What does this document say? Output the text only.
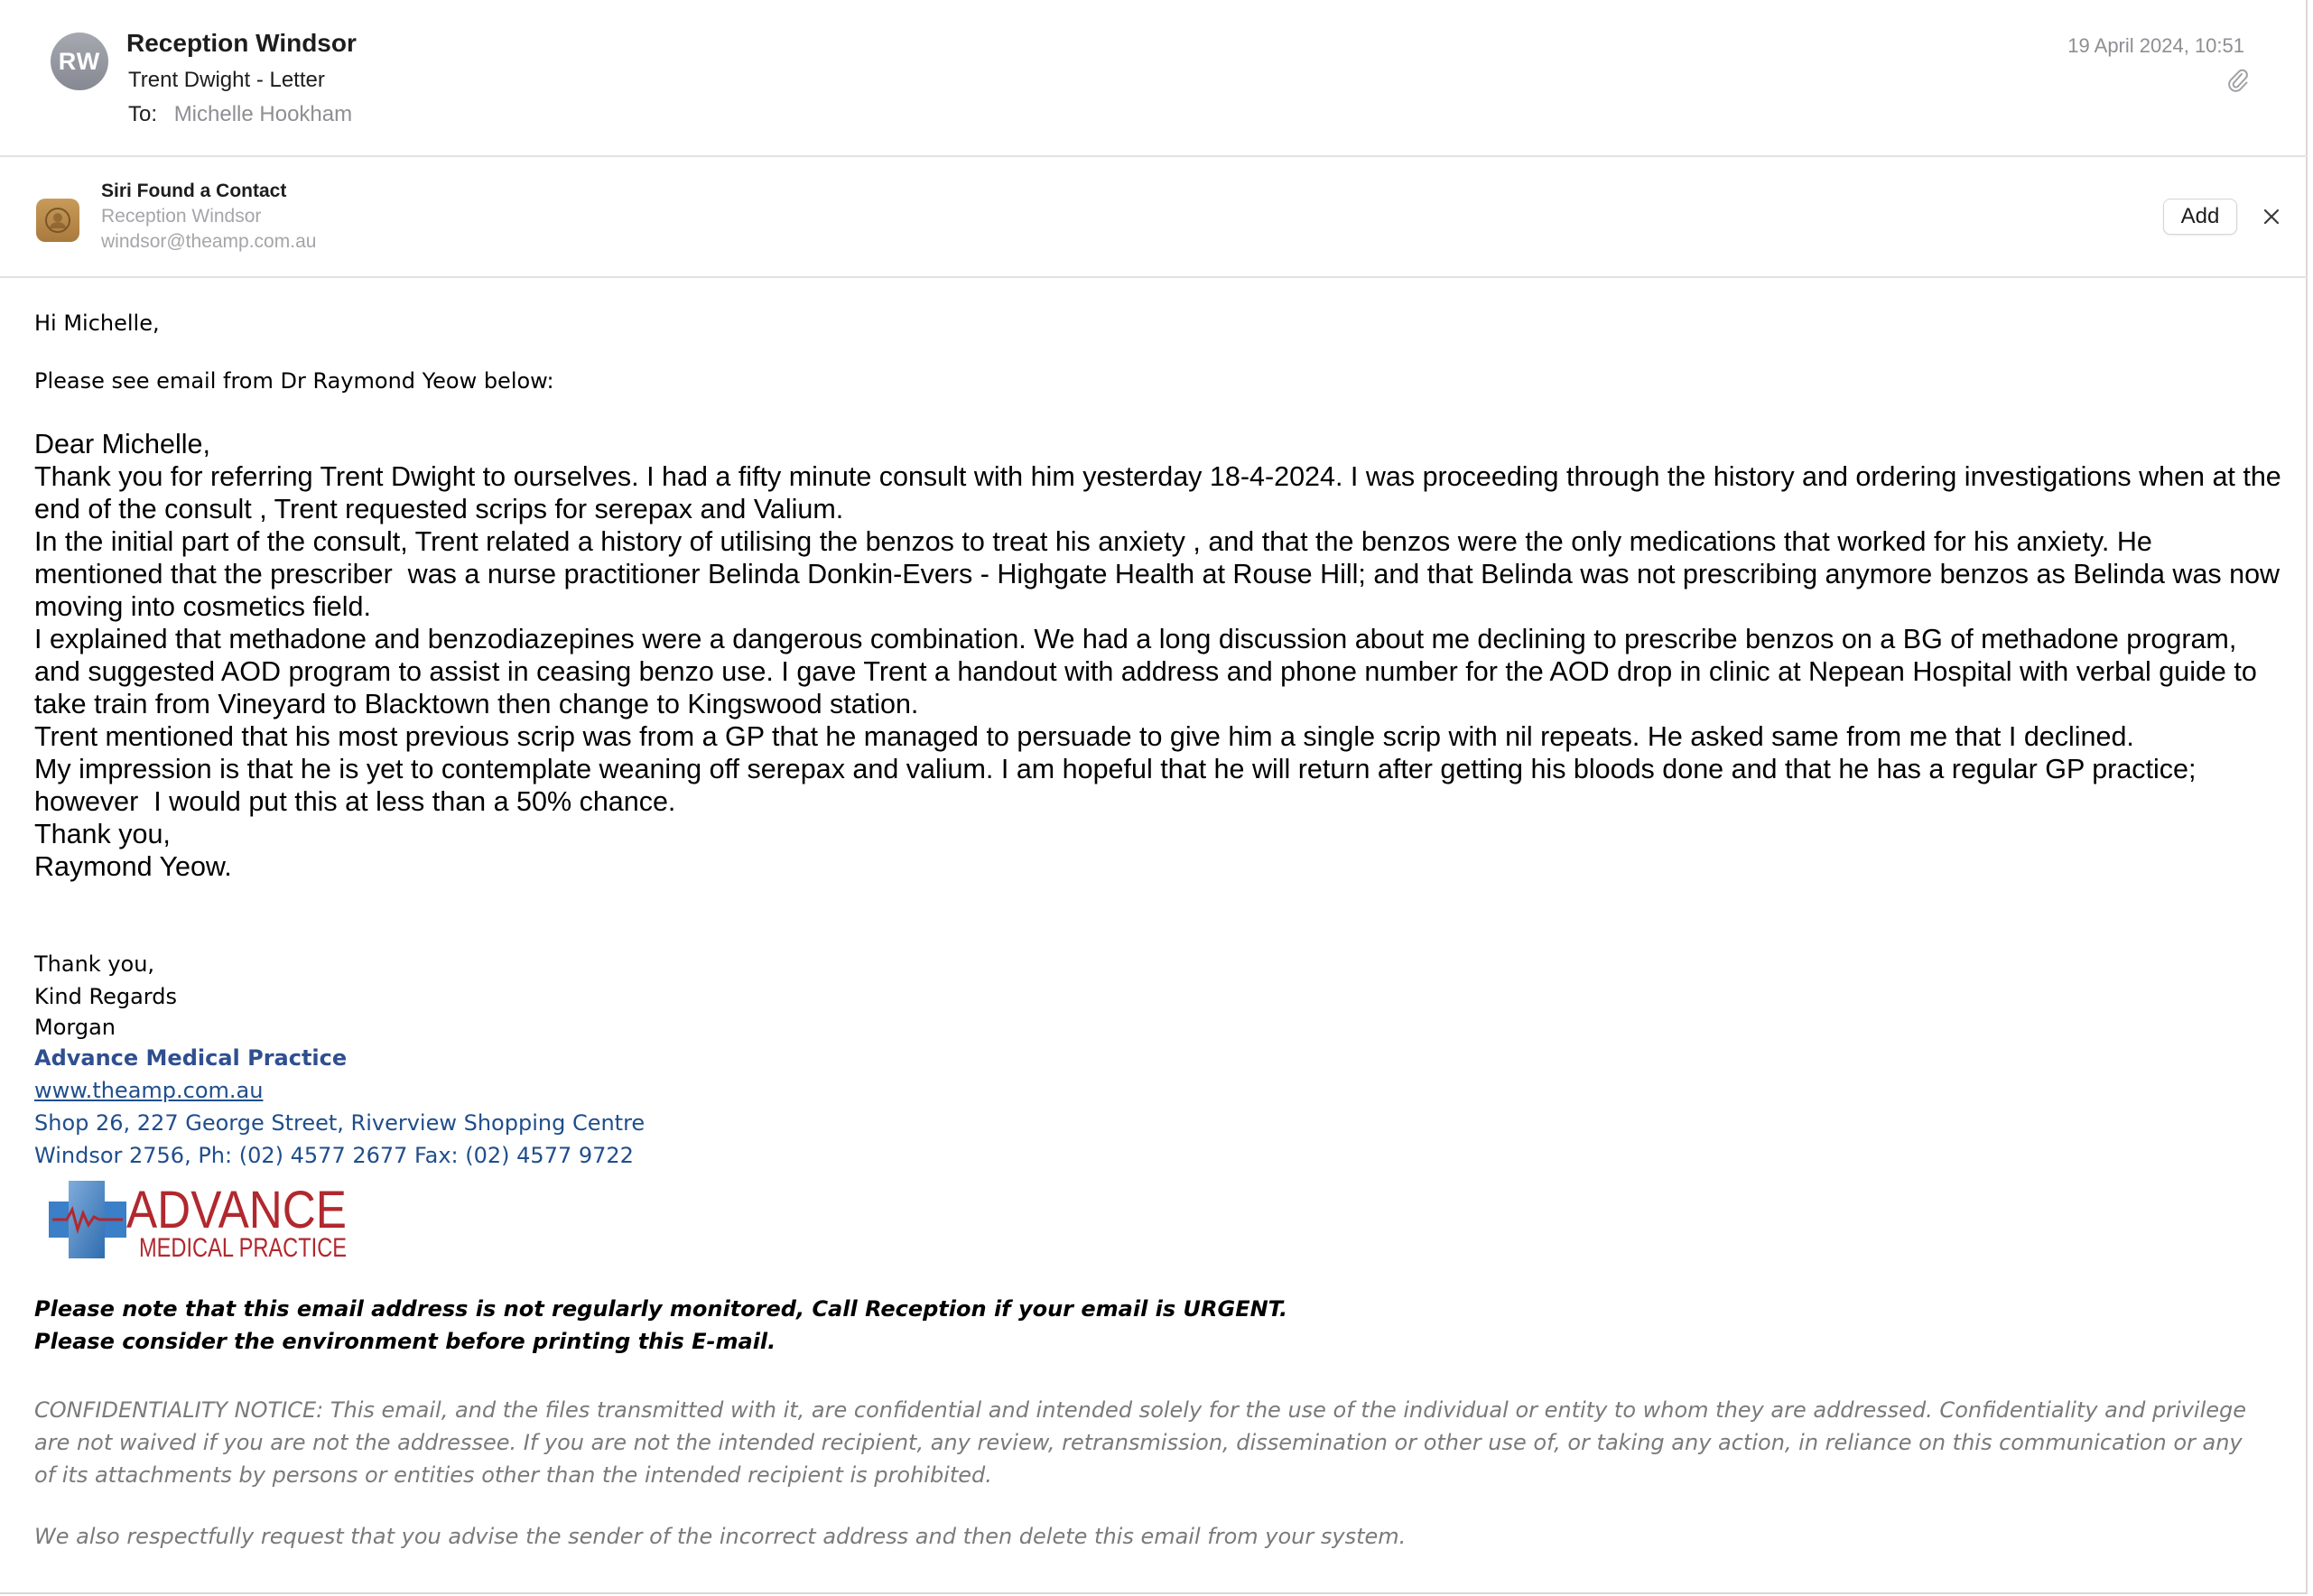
RW
Reception Windsor
Trent Dwight - Letter
To: Michelle Hookham
19 April 2024, 10:51
Siri Found a Contact
Reception Windsor
windsor@theamp.com.au
Add
Hi Michelle,
Please see email from Dr Raymond Yeow below:
Dear Michelle,
Thank you for referring Trent Dwight to ourselves. I had a fifty minute consult with him yesterday 18-4-2024. I was proceeding through the history and ordering investigations when at the end of the consult , Trent requested scrips for serepax and Valium.
In the initial part of the consult, Trent related a history of utilising the benzos to treat his anxiety , and that the benzos were the only medications that worked for his anxiety. He mentioned that the prescriber  was a nurse practitioner Belinda Donkin-Evers - Highgate Health at Rouse Hill; and that Belinda was not prescribing anymore benzos as Belinda was now moving into cosmetics field.
I explained that methadone and benzodiazepines were a dangerous combination. We had a long discussion about me declining to prescribe benzos on a BG of methadone program, and suggested AOD program to assist in ceasing benzo use. I gave Trent a handout with address and phone number for the AOD drop in clinic at Nepean Hospital with verbal guide to take train from Vineyard to Blacktown then change to Kingswood station.
Trent mentioned that his most previous scrip was from a GP that he managed to persuade to give him a single scrip with nil repeats. He asked same from me that I declined.
My impression is that he is yet to contemplate weaning off serepax and valium. I am hopeful that he will return after getting his bloods done and that he has a regular GP practice; however  I would put this at less than a 50% chance.
Thank you,
Raymond Yeow.
Thank you,
Kind Regards
Morgan
Advance Medical Practice
www.theamp.com.au
Shop 26, 227 George Street, Riverview Shopping Centre
Windsor 2756, Ph: (02) 4577 2677 Fax: (02) 4577 9722
ADVANCE
MEDICAL PRACTICE
Please note that this email address is not regularly monitored, Call Reception if your email is URGENT.
Please consider the environment before printing this E-mail.
CONFIDENTIALITY NOTICE: This email, and the files transmitted with it, are confidential and intended solely for the use of the individual or entity to whom they are addressed. Confidentiality and privilege are not waived if you are not the addressee. If you are not the intended recipient, any review, retransmission, dissemination or other use of, or taking any action, in reliance on this communication or any of its attachments by persons or entities other than the intended recipient is prohibited.
We also respectfully request that you advise the sender of the incorrect address and then delete this email from your system.
